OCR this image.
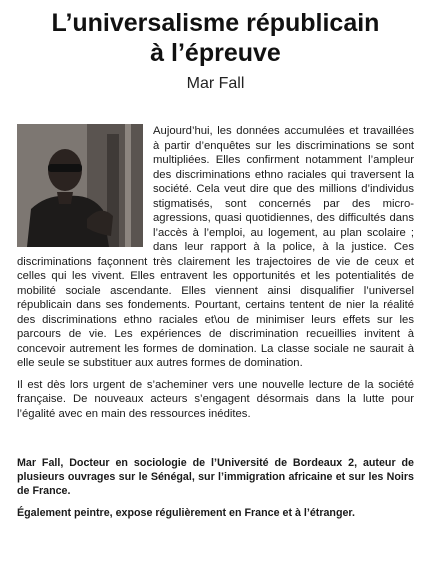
L’universalisme républicain
à l’épreuve
Mar Fall

Aujourd’hui, les données accumulées et travaillées à partir d’enquêtes sur les discriminations se sont multipliées. Elles confirment notamment l’ampleur des discriminations ethno raciales qui traversent la société. Cela veut dire que des millions d’individus stigmatisés, sont concernés par des micro-agressions, quasi quotidiennes, des difficultés dans l’accès à l’emploi, au logement, au plan scolaire ; dans leur rapport à la police, à la justice. Ces discriminations façonnent très clairement les trajectoires de vie de ceux et celles qui les vivent. Elles entravent les opportunités et les potentialités de mobilité sociale ascendante. Elles viennent ainsi disqualifier l’universel républicain dans ses fondements. Pourtant, certains tentent de nier la réalité des discriminations ethno raciales et\ou de minimiser leurs effets sur les parcours de vie. Les expériences de discrimination recueillies invitent à concevoir autrement les formes de domination. La classe sociale ne saurait à elle seule se substituer aux autres formes de domination.

Il est dès lors urgent de s’acheminer vers une nouvelle lecture de la société française. De nouveaux acteurs s’engagent désormais dans la lutte pour l’égalité avec en main des ressources inédites.

Mar Fall, Docteur en sociologie de l’Université de Bordeaux 2, auteur de plusieurs ouvrages sur le Sénégal, sur l’immigration africaine et sur les Noirs de France.

Également peintre, expose régulièrement en France et à l’étranger.
